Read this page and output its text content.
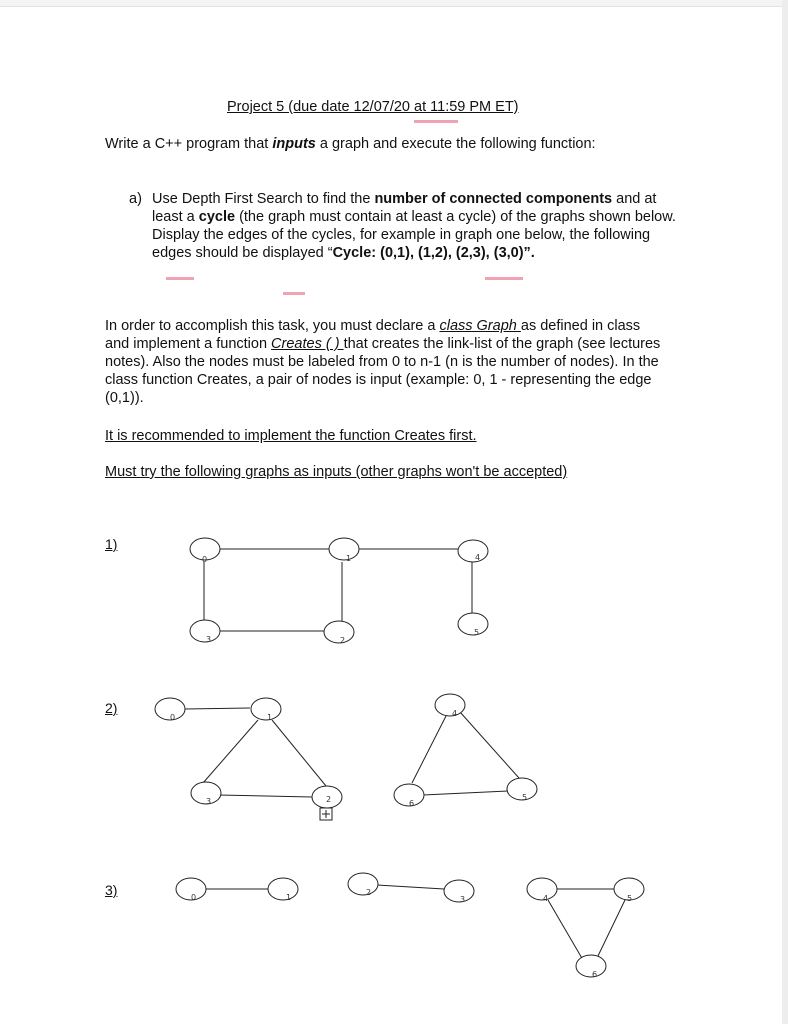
Project 5 (due date 12/07/20 at 11:59 PM ET)
Write a C++ program that inputs a graph and execute the following function:
a) Use Depth First Search to find the number of connected components and at least a cycle (the graph must contain at least a cycle) of the graphs shown below. Display the edges of the cycles, for example in graph one below, the following edges should be displayed “Cycle: (0,1), (1,2), (2,3), (3,0)”.
In order to accomplish this task, you must declare a class Graph as defined in class and implement a function Creates ( ) that creates the link-list of the graph (see lectures notes). Also the nodes must be labeled from 0 to n-1 (n is the number of nodes). In the class function Creates, a pair of nodes is input (example: 0, 1 - representing the edge (0,1)).
It is recommended to implement the function Creates first.
Must try the following graphs as inputs (other graphs won't be accepted)
1)
2)
3)
0	1	4
3	2
5
0	1
3	2
4
6
5
0	1
2
3	4	5
6
